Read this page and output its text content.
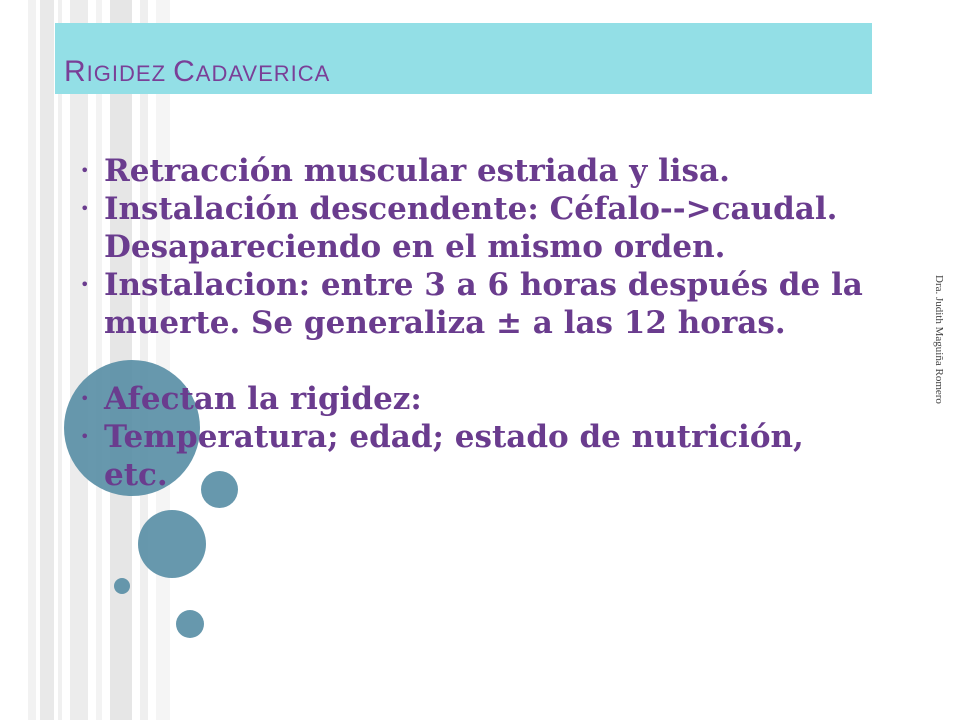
RIGIDEZ CADAVERICA
• Retracción muscular estriada y lisa.
• Instalación descendente: Céfalo-->caudal. Desapareciendo en el mismo orden.
• Instalacion: entre 3 a 6 horas después de la muerte. Se generaliza ± a las 12 horas.
• Afectan la rigidez:
• Temperatura; edad; estado de nutrición, etc.
Dra. Judith Maguiña Romero
